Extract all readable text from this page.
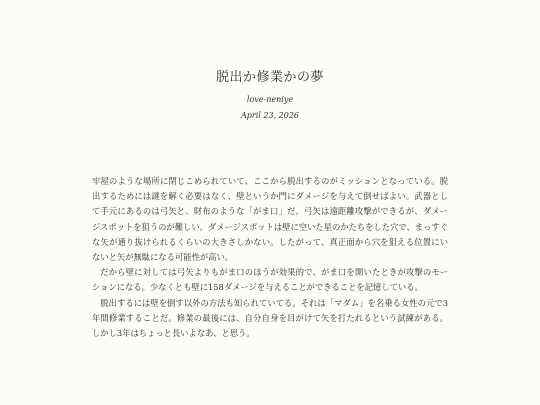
脱出か修業かの夢
love-neniye
April 23, 2026

牢屋のような場所に閉じこめられていて、ここから脱出するのがミッションとなっている。脱出するためには謎を解く必要はなく、壁というか門にダメージを与えて倒せばよい。武器として手元にあるのは弓矢と、財布のような「がま口」だ。弓矢は遠距離攻撃ができるが、ダメージスポットを狙うのが難しい。ダメージスポットは壁に空いた星のかたちをした穴で、まっすぐな矢が通り抜けられるくらいの大きさしかない。したがって、真正面から穴を狙える位置にいないと矢が無駄になる可能性が高い。

だから壁に対しては弓矢よりもがま口のほうが効果的で、がま口を開いたときが攻撃のモーションになる。少なくとも壁に158ダメージを与えることができることを記憶している。

脱出するには壁を倒す以外の方法も知られていてる。それは「マダム」を名乗る女性の元で3年間修業することだ。修業の最後には、自分自身を目がけて矢を打たれるという試練がある。しかし3年はちょっと長いよなあ、と思う。
